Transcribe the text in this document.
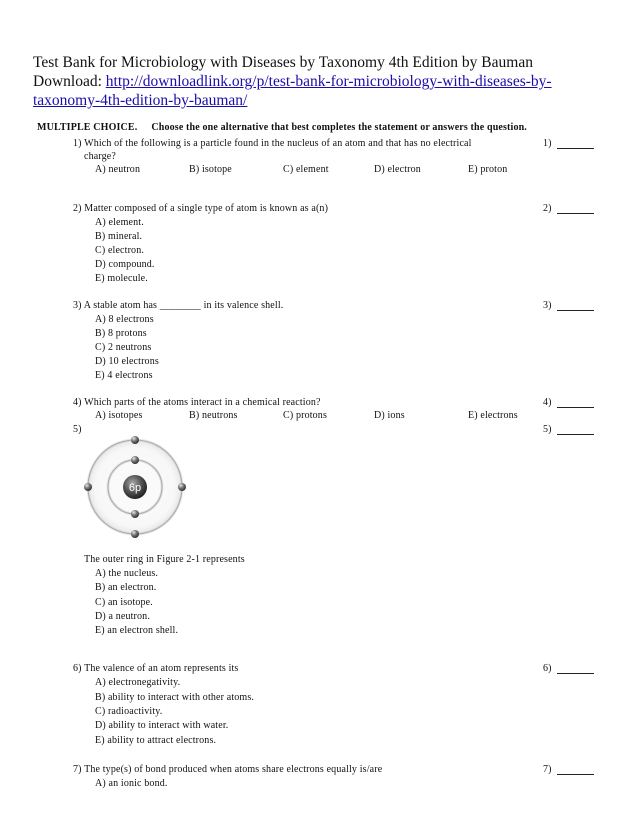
Test Bank for Microbiology with Diseases by Taxonomy 4th Edition by Bauman
Download: http://downloadlink.org/p/test-bank-for-microbiology-with-diseases-by-
taxonomy-4th-edition-by-bauman/
MULTIPLE CHOICE. Choose the one alternative that best completes the statement or answers the question.
1) Which of the following is a particle found in the nucleus of an atom and that has no electrical
charge?
1)
A) neutron	B) isotope	C) element	D) electron	E) proton
2) Matter composed of a single type of atom is known as a(n)	2)
A) element.
B) mineral.
C) electron.
D) compound.
E) molecule.
3) A stable atom has ________ in its valence shell.	3)
A) 8 electrons
B) 8 protons
C) 2 neutrons
D) 10 electrons
E) 4 electrons
4) Which parts of the atoms interact in a chemical reaction?	4)
A) isotopes	B) neutrons	C) protons	D) ions	E) electrons
5)	5)
6p
The outer ring in Figure 2-1 represents
A) the nucleus.
B) an electron.
C) an isotope.
D) a neutron.
E) an electron shell.
6) The valence of an atom represents its	6)
A) electronegativity.
B) ability to interact with other atoms.
C) radioactivity.
D) ability to interact with water.
E) ability to attract electrons.
7) The type(s) of bond produced when atoms share electrons equally is/are	7)
A) an ionic bond.
